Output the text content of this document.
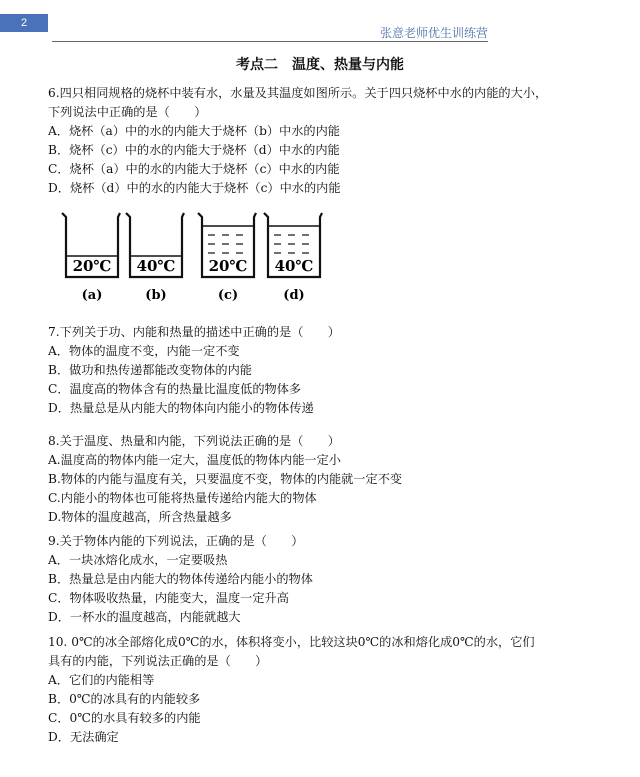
2
张意老师优生训练营
考点二　温度、热量与内能
6.四只相同规格的烧杯中装有水，水量及其温度如图所示。关于四只烧杯中水的内能的大小，
下列说法中正确的是（　　）
A．烧杯（a）中的水的内能大于烧杯（b）中水的内能
B．烧杯（c）中的水的内能大于烧杯（d）中水的内能
C．烧杯（a）中的水的内能大于烧杯（c）中水的内能
D．烧杯（d）中的水的内能大于烧杯（c）中水的内能
20℃
(a)
40℃
(b)
20℃
(c)
40℃
(d)
7.下列关于功、内能和热量的描述中正确的是（　　）
A．物体的温度不变，内能一定不变
B．做功和热传递都能改变物体的内能
C．温度高的物体含有的热量比温度低的物体多
D．热量总是从内能大的物体向内能小的物体传递
8.关于温度、热量和内能，下列说法正确的是（　　）
A.温度高的物体内能一定大，温度低的物体内能一定小
B.物体的内能与温度有关，只要温度不变，物体的内能就一定不变
C.内能小的物体也可能将热量传递给内能大的物体
D.物体的温度越高，所含热量越多
9.关于物体内能的下列说法，正确的是（　　）
A．一块冰熔化成水，一定要吸热
B．热量总是由内能大的物体传递给内能小的物体
C．物体吸收热量，内能变大，温度一定升高
D．一杯水的温度越高，内能就越大
10. 0℃的冰全部熔化成0℃的水，体积将变小，比较这块0℃的冰和熔化成0℃的水，它们
具有的内能，下列说法正确的是（　　）
A．它们的内能相等
B．0℃的冰具有的内能较多
C．0℃的水具有较多的内能
D．无法确定
